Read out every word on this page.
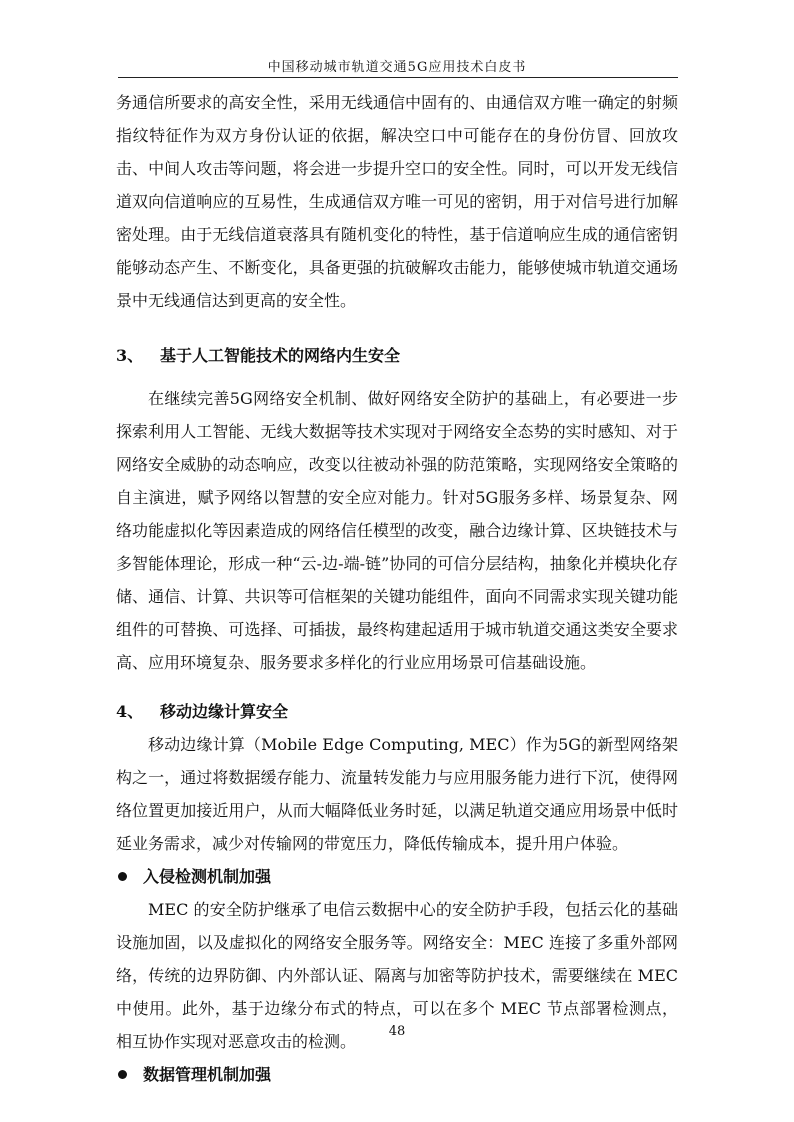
中国移动城市轨道交通5G应用技术白皮书

务通信所要求的高安全性，采用无线通信中固有的、由通信双方唯一确定的射频指纹特征作为双方身份认证的依据，解决空口中可能存在的身份仿冒、回放攻击、中间人攻击等问题，将会进一步提升空口的安全性。同时，可以开发无线信道双向信道响应的互易性，生成通信双方唯一可见的密钥，用于对信号进行加解密处理。由于无线信道衰落具有随机变化的特性，基于信道响应生成的通信密钥能够动态产生、不断变化，具备更强的抗破解攻击能力，能够使城市轨道交通场景中无线通信达到更高的安全性。

3、	基于人工智能技术的网络内生安全

在继续完善5G网络安全机制、做好网络安全防护的基础上，有必要进一步探索利用人工智能、无线大数据等技术实现对于网络安全态势的实时感知、对于网络安全威胁的动态响应，改变以往被动补强的防范策略，实现网络安全策略的自主演进，赋予网络以智慧的安全应对能力。针对5G服务多样、场景复杂、网络功能虚拟化等因素造成的网络信任模型的改变，融合边缘计算、区块链技术与多智能体理论，形成一种“云-边-端-链”协同的可信分层结构，抽象化并模块化存储、通信、计算、共识等可信框架的关键功能组件，面向不同需求实现关键功能组件的可替换、可选择、可插拔，最终构建起适用于城市轨道交通这类安全要求高、应用环境复杂、服务要求多样化的行业应用场景可信基础设施。

4、	移动边缘计算安全

移动边缘计算（Mobile Edge Computing, MEC）作为5G的新型网络架构之一，通过将数据缓存能力、流量转发能力与应用服务能力进行下沉，使得网络位置更加接近用户，从而大幅降低业务时延，以满足轨道交通应用场景中低时延业务需求，减少对传输网的带宽压力，降低传输成本，提升用户体验。

入侵检测机制加强

MEC 的安全防护继承了电信云数据中心的安全防护手段，包括云化的基础设施加固，以及虚拟化的网络安全服务等。网络安全：MEC 连接了多重外部网络，传统的边界防御、内外部认证、隔离与加密等防护技术，需要继续在 MEC 中使用。此外，基于边缘分布式的特点，可以在多个 MEC 节点部署检测点，相互协作实现对恶意攻击的检测。

数据管理机制加强
48
